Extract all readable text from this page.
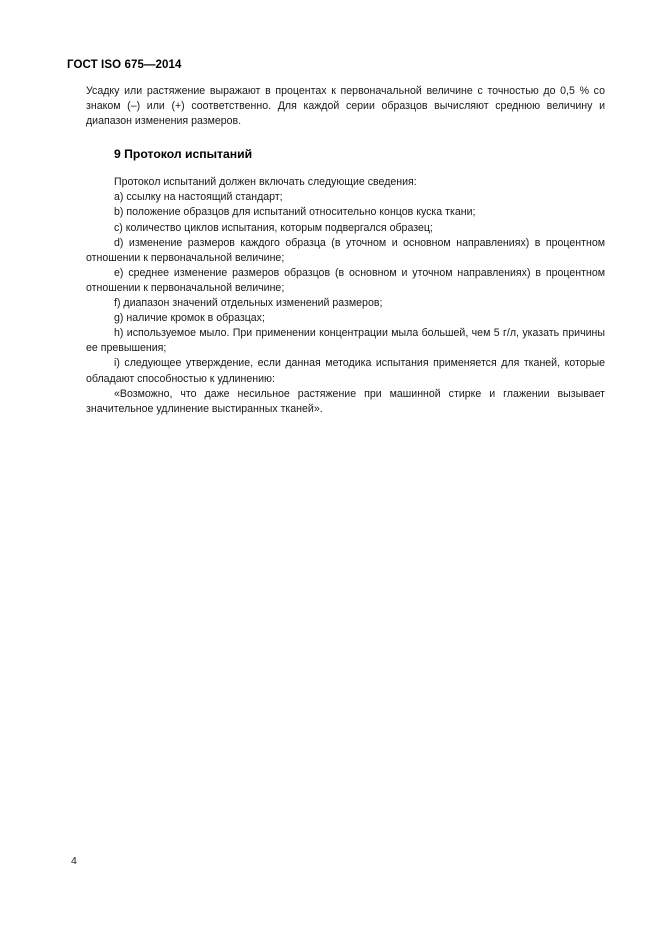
ГОСТ ISO 675—2014

Усадку или растяжение выражают в процентах к первоначальной величине с точностью до 0,5 % со знаком (–) или (+) соответственно. Для каждой серии образцов вычисляют среднюю величину и диапазон изменения размеров.

9 Протокол испытаний

Протокол испытаний должен включать следующие сведения:

a) ссылку на настоящий стандарт;

b) положение образцов для испытаний относительно концов куска ткани;

c) количество циклов испытания, которым подвергался образец;

d) изменение размеров каждого образца (в уточном и основном направлениях) в процентном отношении к первоначальной величине;

e) среднее изменение размеров образцов (в основном и уточном направлениях) в процентном отношении к первоначальной величине;

f) диапазон значений отдельных изменений размеров;

g) наличие кромок в образцах;

h) используемое мыло. При применении концентрации мыла большей, чем 5 г/л, указать причины ее превышения;

i) следующее утверждение, если данная методика испытания применяется для тканей, которые обладают способностью к удлинению:

«Возможно, что даже несильное растяжение при машинной стирке и глажении вызывает значительное удлинение выстиранных тканей».

4
